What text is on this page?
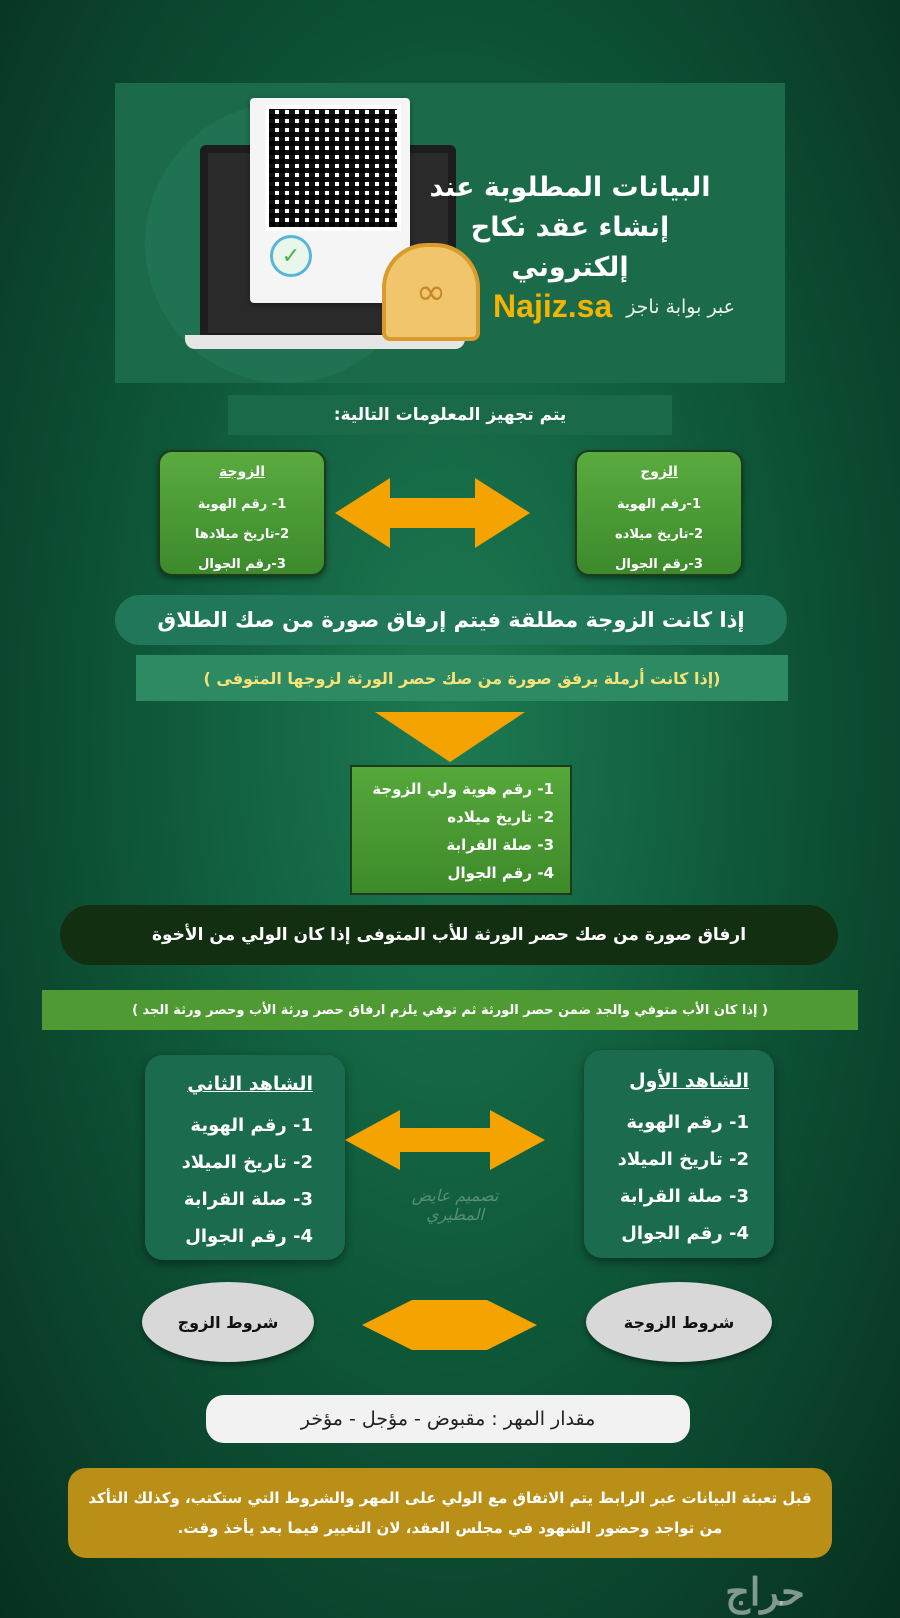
✓
∞
البيانات المطلوبة عند
إنشاء عقد نكاح إلكتروني
عبر بوابة ناجز
Najiz.sa
يتم تجهيز المعلومات التالية:
الزوج
1-رقم الهوية
2-تاريخ ميلاده
3-رقم الجوال
الزوجة
1- رقم الهوية
2-تاريخ ميلادها
3-رقم الجوال
إذا كانت الزوجة مطلقة فيتم إرفاق صورة من صك الطلاق
(إذا كانت أرملة يرفق صورة من صك حصر الورثة لزوجها المتوفى )
1- رقم هوية ولي الزوجة
2- تاريخ ميلاده
3- صلة القرابة
4- رقم الجوال
ارفاق صورة من صك حصر الورثة للأب المتوفى إذا كان الولي من الأخوة
( إذا كان الأب متوفي والجد ضمن حصر الورثة ثم توفي يلزم ارفاق حصر ورثة الأب وحصر ورثة الجد )
الشاهد الأول
1- رقم الهوية
2- تاريخ الميلاد
3- صلة القرابة
4- رقم الجوال
الشاهد الثاني
1- رقم الهوية
2- تاريخ الميلاد
3- صلة القرابة
4- رقم الجوال
تصميم عايض المطيري
شروط الزوجة
شروط الزوج
مقدار المهر : مقبوض - مؤجل - مؤخر
قبل تعبئة البيانات عبر الرابط يتم الاتفاق مع الولي على المهر والشروط التي ستكتب، وكذلك التأكد من تواجد وحضور الشهود في مجلس العقد، لان التغيير فيما بعد يأخذ وقت.
حراج
